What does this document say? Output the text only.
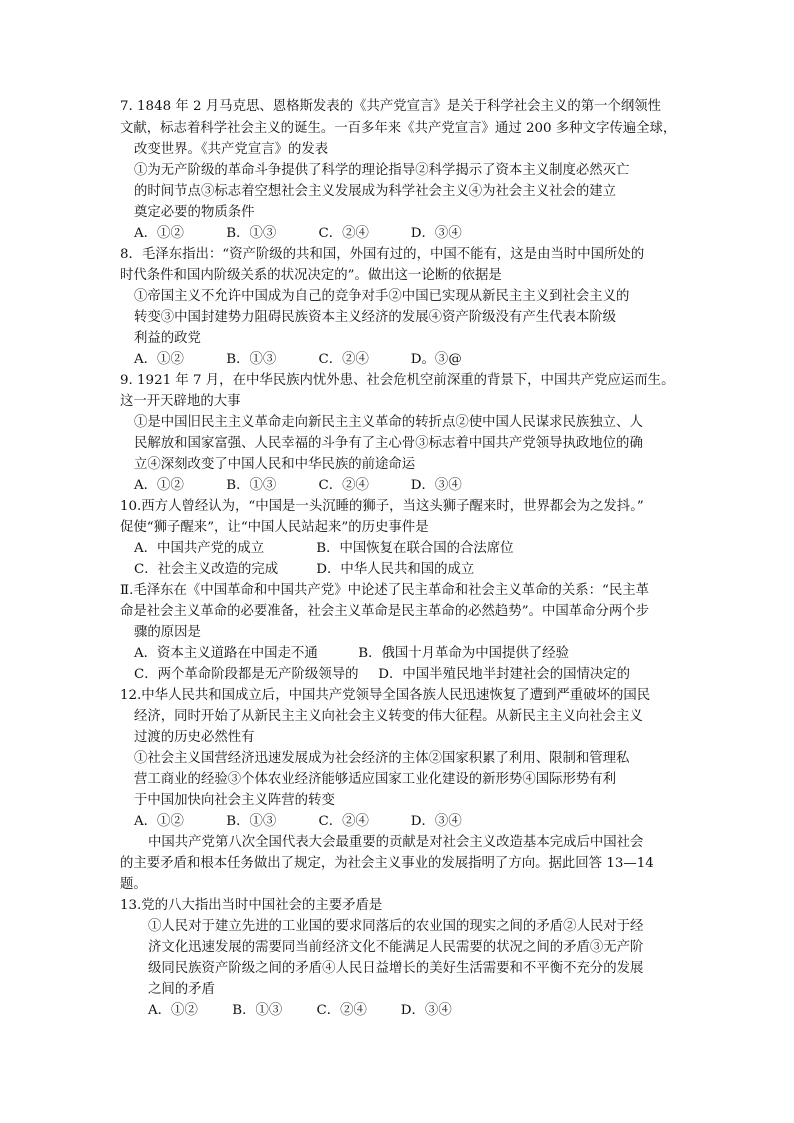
7. 1848 年 2 月马克思、恩格斯发表的《共产党宣言》是关于科学社会主义的第一个纲领性
文献，标志着科学社会主义的诞生。一百多年来《共产党宣言》通过 200 多种文字传遍全球，
改变世界。《共产党宣言》的发表
①为无产阶级的革命斗争提供了科学的理论指导②科学揭示了资本主义制度必然灭亡
的时间节点③标志着空想社会主义发展成为科学社会主义④为社会主义社会的建立
奠定必要的物质条件
A．①②	B．①③	C．②④	D．③④
8．毛泽东指出：“资产阶级的共和国，外国有过的，中国不能有，这是由当时中国所处的
时代条件和国内阶级关系的状况决定的”。做出这一论断的依据是
①帝国主义不允许中国成为自己的竞争对手②中国已实现从新民主主义到社会主义的
转变③中国封建势力阻碍民族资本主义经济的发展④资产阶级没有产生代表本阶级
利益的政党
A．①②	B．①③	C．②④	D。③@
9. 1921 年 7 月，在中华民族内忧外患、社会危机空前深重的背景下，中国共产党应运而生。
这一开天辟地的大事
①是中国旧民主主义革命走向新民主主义革命的转折点②使中国人民谋求民族独立、人
民解放和国家富强、人民幸福的斗争有了主心骨③标志着中国共产党领导执政地位的确
立④深刻改变了中国人民和中华民族的前途命运
A．①②	B．①③	C．②④	D．③④
10.西方人曾经认为，“中国是一头沉睡的狮子，当这头狮子醒来时，世界都会为之发抖。”
促使“狮子醒来”，让“中国人民站起来”的历史事件是
A．中国共产党的成立	B．中国恢复在联合国的合法席位
C．社会主义改造的完成	D．中华人民共和国的成立
Ⅱ.毛泽东在《中国革命和中国共产党》中论述了民主革命和社会主义革命的关系：“民主革
命是社会主义革命的必要准备，社会主义革命是民主革命的必然趋势”。中国革命分两个步
骤的原因是
A．资本主义道路在中国走不通	B．俄国十月革命为中国提供了经验
C．两个革命阶段都是无产阶级领导的 D．中国半殖民地半封建社会的国情决定的
12.中华人民共和国成立后，中国共产党领导全国各族人民迅速恢复了遭到严重破坏的国民
经济，同时开始了从新民主主义向社会主义转变的伟大征程。从新民主主义向社会主义
过渡的历史必然性有
①社会主义国营经济迅速发展成为社会经济的主体②国家积累了利用、限制和管理私
营工商业的经验③个体农业经济能够适应国家工业化建设的新形势④国际形势有利
于中国加快向社会主义阵营的转变
A．①②	B．①③	C．②④	D．③④
中国共产党第八次全国代表大会最重要的贡献是对社会主义改造基本完成后中国社会
的主要矛盾和根本任务做出了规定，为社会主义事业的发展指明了方向。据此回答 13—14
题。
13.党的八大指出当时中国社会的主要矛盾是
①人民对于建立先进的工业国的要求同落后的农业国的现实之间的矛盾②人民对于经
济文化迅速发展的需要同当前经济文化不能满足人民需要的状况之间的矛盾③无产阶
级同民族资产阶级之间的矛盾④人民日益增长的美好生活需要和不平衡不充分的发展
之间的矛盾
A．①②	B．①③	C．②④	D．③④
